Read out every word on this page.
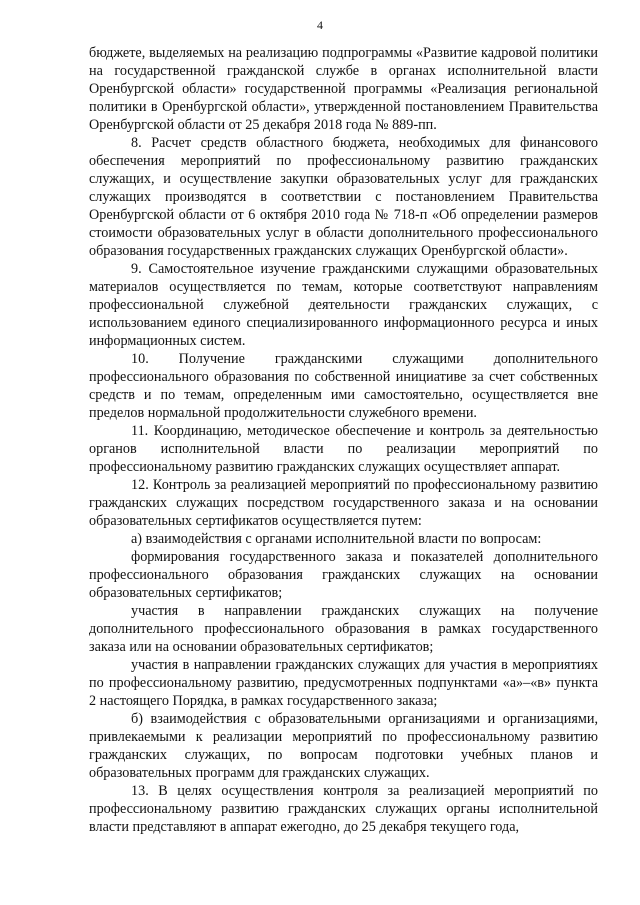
4

бюджете, выделяемых на реализацию подпрограммы «Развитие кадровой политики на государственной гражданской службе в органах исполнительной власти Оренбургской области» государственной программы «Реализация региональной политики в Оренбургской области», утвержденной постановлением Правительства Оренбургской области от 25 декабря 2018 года № 889-пп.

8. Расчет средств областного бюджета, необходимых для финансового обеспечения мероприятий по профессиональному развитию гражданских служащих, и осуществление закупки образовательных услуг для гражданских служащих производятся в соответствии с постановлением Правительства Оренбургской области от 6 октября 2010 года № 718-п «Об определении размеров стоимости образовательных услуг в области дополнительного профессионального образования государственных гражданских служащих Оренбургской области».

9. Самостоятельное изучение гражданскими служащими образовательных материалов осуществляется по темам, которые соответствуют направлениям профессиональной служебной деятельности гражданских служащих, с использованием единого специализированного информационного ресурса и иных информационных систем.

10. Получение гражданскими служащими дополнительного профессионального образования по собственной инициативе за счет собственных средств и по темам, определенным ими самостоятельно, осуществляется вне пределов нормальной продолжительности служебного времени.

11. Координацию, методическое обеспечение и контроль за деятельностью органов исполнительной власти по реализации мероприятий по профессиональному развитию гражданских служащих осуществляет аппарат.

12. Контроль за реализацией мероприятий по профессиональному развитию гражданских служащих посредством государственного заказа и на основании образовательных сертификатов осуществляется путем:

а) взаимодействия с органами исполнительной власти по вопросам:

формирования государственного заказа и показателей дополнительного профессионального образования гражданских служащих на основании образовательных сертификатов;

участия в направлении гражданских служащих на получение дополнительного профессионального образования в рамках государственного заказа или на основании образовательных сертификатов;

участия в направлении гражданских служащих для участия в мероприятиях по профессиональному развитию, предусмотренных подпунктами «а»–«в» пункта 2 настоящего Порядка, в рамках государственного заказа;

б) взаимодействия с образовательными организациями и организациями, привлекаемыми к реализации мероприятий по профессиональному развитию гражданских служащих, по вопросам подготовки учебных планов и образовательных программ для гражданских служащих.

13. В целях осуществления контроля за реализацией мероприятий по профессиональному развитию гражданских служащих органы исполнительной власти представляют в аппарат ежегодно, до 25 декабря текущего года,
